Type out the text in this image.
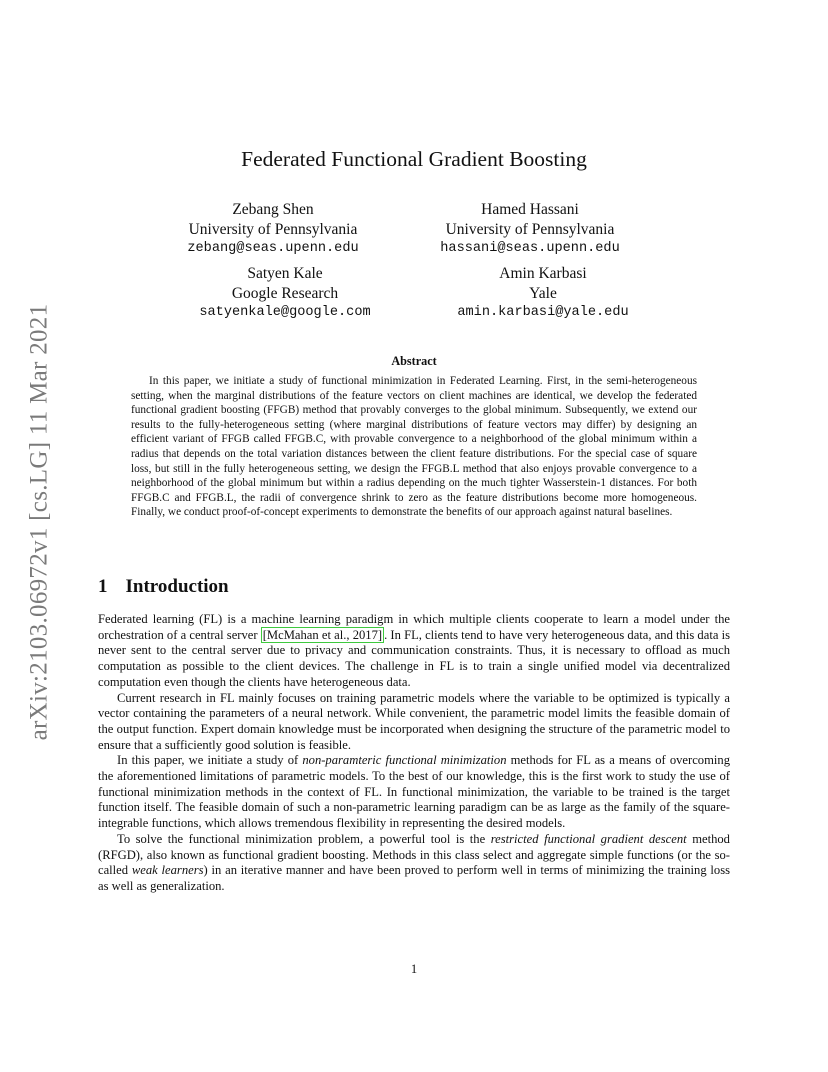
arXiv:2103.06972v1 [cs.LG] 11 Mar 2021
Federated Functional Gradient Boosting
Zebang Shen
University of Pennsylvania
zebang@seas.upenn.edu
Hamed Hassani
University of Pennsylvania
hassani@seas.upenn.edu
Satyen Kale
Google Research
satyenkale@google.com
Amin Karbasi
Yale
amin.karbasi@yale.edu
Abstract

In this paper, we initiate a study of functional minimization in Federated Learning. First, in the semi-heterogeneous setting, when the marginal distributions of the feature vectors on client machines are identical, we develop the federated functional gradient boosting (FFGB) method that provably converges to the global minimum. Subsequently, we extend our results to the fully-heterogeneous setting (where marginal distributions of feature vectors may differ) by designing an efficient variant of FFGB called FFGB.C, with provable convergence to a neighborhood of the global minimum within a radius that depends on the total variation distances between the client feature distributions. For the special case of square loss, but still in the fully heterogeneous setting, we design the FFGB.L method that also enjoys provable convergence to a neighborhood of the global minimum but within a radius depending on the much tighter Wasserstein-1 distances. For both FFGB.C and FFGB.L, the radii of convergence shrink to zero as the feature distributions become more homogeneous. Finally, we conduct proof-of-concept experiments to demonstrate the benefits of our approach against natural baselines.

1 Introduction

Federated learning (FL) is a machine learning paradigm in which multiple clients cooperate to learn a model under the orchestration of a central server [McMahan et al., 2017] . In FL, clients tend to have very heterogeneous data, and this data is never sent to the central server due to privacy and communication constraints. Thus, it is necessary to offload as much computation as possible to the client devices. The challenge in FL is to train a single unified model via decentralized computation even though the clients have heterogeneous data.

Current research in FL mainly focuses on training parametric models where the variable to be optimized is typically a vector containing the parameters of a neural network. While convenient, the parametric model limits the feasible domain of the output function. Expert domain knowledge must be incorporated when designing the structure of the parametric model to ensure that a sufficiently good solution is feasible.

In this paper, we initiate a study of non-paramteric functional minimization methods for FL as a means of overcoming the aforementioned limitations of parametric models. To the best of our knowledge, this is the first work to study the use of functional minimization methods in the context of FL. In functional minimization, the variable to be trained is the target function itself. The feasible domain of such a non-parametric learning paradigm can be as large as the family of the square-integrable functions, which allows tremendous flexibility in representing the desired models.

To solve the functional minimization problem, a powerful tool is the restricted functional gradient descent method (RFGD), also known as functional gradient boosting. Methods in this class select and aggregate simple functions (or the so-called weak learners) in an iterative manner and have been proved to perform well in terms of minimizing the training loss as well as generalization.

1
